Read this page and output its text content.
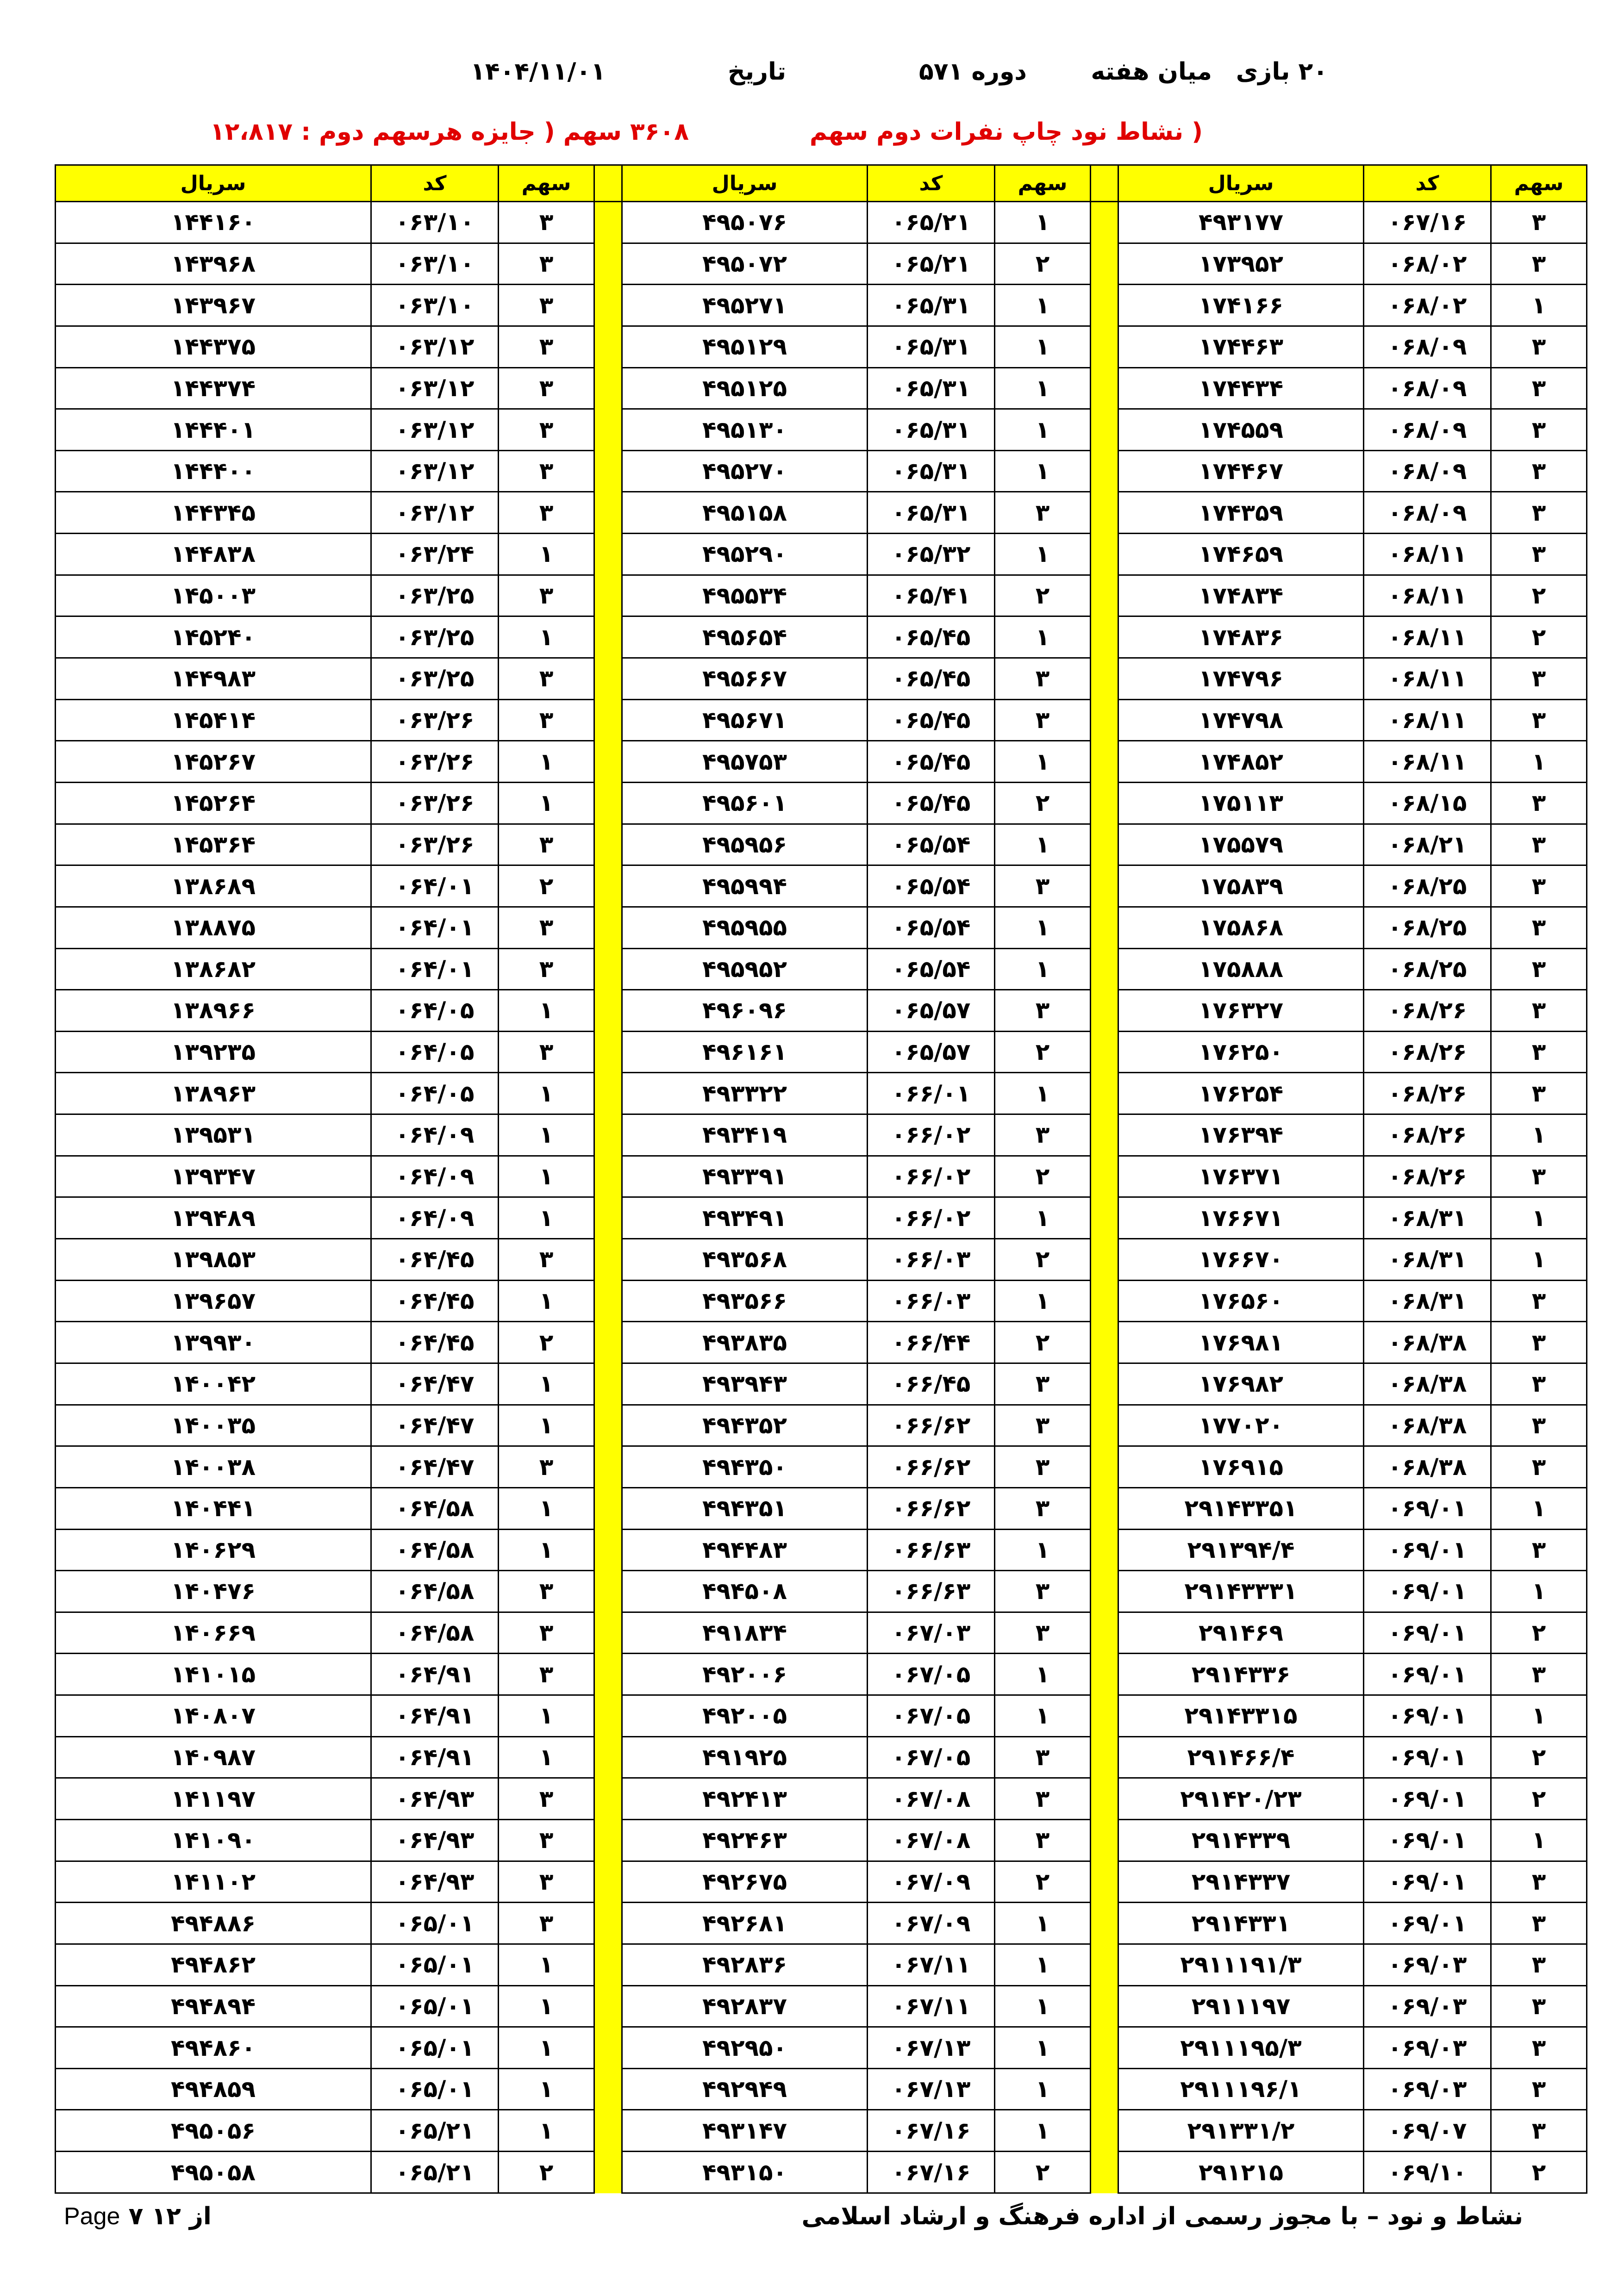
۲۰ بازی
میان هفته
دوره ۵۷۱
تاریخ
۱۴۰۴/۱۱/۰۱
( نشاط نود چاپ نفرات دوم سهم
۳۶۰۸ سهم ( جایزه هرسهم دوم : ۱۲،۸۱۷
سهم	کد	سریال		سهم	کد	سریال		سهم	کد	سریال
۳	۰۶۷/۱۶	۴۹۳۱۷۷		۱	۰۶۵/۲۱	۴۹۵۰۷۶		۳	۰۶۳/۱۰	۱۴۴۱۶۰
۳	۰۶۸/۰۲	۱۷۳۹۵۲		۲	۰۶۵/۲۱	۴۹۵۰۷۲		۳	۰۶۳/۱۰	۱۴۳۹۶۸
۱	۰۶۸/۰۲	۱۷۴۱۶۶		۱	۰۶۵/۳۱	۴۹۵۲۷۱		۳	۰۶۳/۱۰	۱۴۳۹۶۷
۳	۰۶۸/۰۹	۱۷۴۴۶۳		۱	۰۶۵/۳۱	۴۹۵۱۲۹		۳	۰۶۳/۱۲	۱۴۴۳۷۵
۳	۰۶۸/۰۹	۱۷۴۴۳۴		۱	۰۶۵/۳۱	۴۹۵۱۲۵		۳	۰۶۳/۱۲	۱۴۴۳۷۴
۳	۰۶۸/۰۹	۱۷۴۵۵۹		۱	۰۶۵/۳۱	۴۹۵۱۳۰		۳	۰۶۳/۱۲	۱۴۴۴۰۱
۳	۰۶۸/۰۹	۱۷۴۴۶۷		۱	۰۶۵/۳۱	۴۹۵۲۷۰		۳	۰۶۳/۱۲	۱۴۴۴۰۰
۳	۰۶۸/۰۹	۱۷۴۳۵۹		۳	۰۶۵/۳۱	۴۹۵۱۵۸		۳	۰۶۳/۱۲	۱۴۴۳۴۵
۳	۰۶۸/۱۱	۱۷۴۶۵۹		۱	۰۶۵/۳۲	۴۹۵۲۹۰		۱	۰۶۳/۲۴	۱۴۴۸۳۸
۲	۰۶۸/۱۱	۱۷۴۸۳۴		۲	۰۶۵/۴۱	۴۹۵۵۳۴		۳	۰۶۳/۲۵	۱۴۵۰۰۳
۲	۰۶۸/۱۱	۱۷۴۸۳۶		۱	۰۶۵/۴۵	۴۹۵۶۵۴		۱	۰۶۳/۲۵	۱۴۵۲۴۰
۳	۰۶۸/۱۱	۱۷۴۷۹۶		۳	۰۶۵/۴۵	۴۹۵۶۶۷		۳	۰۶۳/۲۵	۱۴۴۹۸۳
۳	۰۶۸/۱۱	۱۷۴۷۹۸		۳	۰۶۵/۴۵	۴۹۵۶۷۱		۳	۰۶۳/۲۶	۱۴۵۴۱۴
۱	۰۶۸/۱۱	۱۷۴۸۵۲		۱	۰۶۵/۴۵	۴۹۵۷۵۳		۱	۰۶۳/۲۶	۱۴۵۲۶۷
۳	۰۶۸/۱۵	۱۷۵۱۱۳		۲	۰۶۵/۴۵	۴۹۵۶۰۱		۱	۰۶۳/۲۶	۱۴۵۲۶۴
۳	۰۶۸/۲۱	۱۷۵۵۷۹		۱	۰۶۵/۵۴	۴۹۵۹۵۶		۳	۰۶۳/۲۶	۱۴۵۳۶۴
۳	۰۶۸/۲۵	۱۷۵۸۳۹		۳	۰۶۵/۵۴	۴۹۵۹۹۴		۲	۰۶۴/۰۱	۱۳۸۶۸۹
۳	۰۶۸/۲۵	۱۷۵۸۶۸		۱	۰۶۵/۵۴	۴۹۵۹۵۵		۳	۰۶۴/۰۱	۱۳۸۸۷۵
۳	۰۶۸/۲۵	۱۷۵۸۸۸		۱	۰۶۵/۵۴	۴۹۵۹۵۲		۳	۰۶۴/۰۱	۱۳۸۶۸۲
۳	۰۶۸/۲۶	۱۷۶۳۲۷		۳	۰۶۵/۵۷	۴۹۶۰۹۶		۱	۰۶۴/۰۵	۱۳۸۹۶۶
۳	۰۶۸/۲۶	۱۷۶۲۵۰		۲	۰۶۵/۵۷	۴۹۶۱۶۱		۳	۰۶۴/۰۵	۱۳۹۲۳۵
۳	۰۶۸/۲۶	۱۷۶۲۵۴		۱	۰۶۶/۰۱	۴۹۳۳۲۲		۱	۰۶۴/۰۵	۱۳۸۹۶۳
۱	۰۶۸/۲۶	۱۷۶۳۹۴		۳	۰۶۶/۰۲	۴۹۳۴۱۹		۱	۰۶۴/۰۹	۱۳۹۵۳۱
۳	۰۶۸/۲۶	۱۷۶۳۷۱		۲	۰۶۶/۰۲	۴۹۳۳۹۱		۱	۰۶۴/۰۹	۱۳۹۳۴۷
۱	۰۶۸/۳۱	۱۷۶۶۷۱		۱	۰۶۶/۰۲	۴۹۳۴۹۱		۱	۰۶۴/۰۹	۱۳۹۴۸۹
۱	۰۶۸/۳۱	۱۷۶۶۷۰		۲	۰۶۶/۰۳	۴۹۳۵۶۸		۳	۰۶۴/۴۵	۱۳۹۸۵۳
۳	۰۶۸/۳۱	۱۷۶۵۶۰		۱	۰۶۶/۰۳	۴۹۳۵۶۶		۱	۰۶۴/۴۵	۱۳۹۶۵۷
۳	۰۶۸/۳۸	۱۷۶۹۸۱		۲	۰۶۶/۴۴	۴۹۳۸۳۵		۲	۰۶۴/۴۵	۱۳۹۹۳۰
۳	۰۶۸/۳۸	۱۷۶۹۸۲		۳	۰۶۶/۴۵	۴۹۳۹۴۳		۱	۰۶۴/۴۷	۱۴۰۰۴۲
۳	۰۶۸/۳۸	۱۷۷۰۲۰		۳	۰۶۶/۶۲	۴۹۴۳۵۲		۱	۰۶۴/۴۷	۱۴۰۰۳۵
۳	۰۶۸/۳۸	۱۷۶۹۱۵		۳	۰۶۶/۶۲	۴۹۴۳۵۰		۳	۰۶۴/۴۷	۱۴۰۰۳۸
۱	۰۶۹/۰۱	۲۹۱۴۳۳۵۱		۳	۰۶۶/۶۲	۴۹۴۳۵۱		۱	۰۶۴/۵۸	۱۴۰۴۴۱
۳	۰۶۹/۰۱	۲۹۱۳۹۴/۴		۱	۰۶۶/۶۳	۴۹۴۴۸۳		۱	۰۶۴/۵۸	۱۴۰۶۲۹
۱	۰۶۹/۰۱	۲۹۱۴۳۳۳۱		۳	۰۶۶/۶۳	۴۹۴۵۰۸		۳	۰۶۴/۵۸	۱۴۰۴۷۶
۲	۰۶۹/۰۱	۲۹۱۴۶۹		۳	۰۶۷/۰۳	۴۹۱۸۳۴		۳	۰۶۴/۵۸	۱۴۰۶۶۹
۳	۰۶۹/۰۱	۲۹۱۴۳۳۶		۱	۰۶۷/۰۵	۴۹۲۰۰۶		۳	۰۶۴/۹۱	۱۴۱۰۱۵
۱	۰۶۹/۰۱	۲۹۱۴۳۳۱۵		۱	۰۶۷/۰۵	۴۹۲۰۰۵		۱	۰۶۴/۹۱	۱۴۰۸۰۷
۲	۰۶۹/۰۱	۲۹۱۴۶۶/۴		۳	۰۶۷/۰۵	۴۹۱۹۲۵		۱	۰۶۴/۹۱	۱۴۰۹۸۷
۲	۰۶۹/۰۱	۲۹۱۴۲۰/۲۳		۳	۰۶۷/۰۸	۴۹۲۴۱۳		۳	۰۶۴/۹۳	۱۴۱۱۹۷
۱	۰۶۹/۰۱	۲۹۱۴۳۳۹		۳	۰۶۷/۰۸	۴۹۲۴۶۳		۳	۰۶۴/۹۳	۱۴۱۰۹۰
۳	۰۶۹/۰۱	۲۹۱۴۳۳۷		۲	۰۶۷/۰۹	۴۹۲۶۷۵		۳	۰۶۴/۹۳	۱۴۱۱۰۲
۳	۰۶۹/۰۱	۲۹۱۴۳۳۱		۱	۰۶۷/۰۹	۴۹۲۶۸۱		۳	۰۶۵/۰۱	۴۹۴۸۸۶
۳	۰۶۹/۰۳	۲۹۱۱۱۹۱/۳		۱	۰۶۷/۱۱	۴۹۲۸۳۶		۱	۰۶۵/۰۱	۴۹۴۸۶۲
۳	۰۶۹/۰۳	۲۹۱۱۱۹۷		۱	۰۶۷/۱۱	۴۹۲۸۳۷		۱	۰۶۵/۰۱	۴۹۴۸۹۴
۳	۰۶۹/۰۳	۲۹۱۱۱۹۵/۳		۱	۰۶۷/۱۳	۴۹۲۹۵۰		۱	۰۶۵/۰۱	۴۹۴۸۶۰
۳	۰۶۹/۰۳	۲۹۱۱۱۹۶/۱		۱	۰۶۷/۱۳	۴۹۲۹۴۹		۱	۰۶۵/۰۱	۴۹۴۸۵۹
۳	۰۶۹/۰۷	۲۹۱۳۳۱/۲		۱	۰۶۷/۱۶	۴۹۳۱۴۷		۱	۰۶۵/۲۱	۴۹۵۰۵۶
۲	۰۶۹/۱۰	۲۹۱۲۱۵		۲	۰۶۷/۱۶	۴۹۳۱۵۰		۲	۰۶۵/۲۱	۴۹۵۰۵۸
نشاط و نود – با مجوز رسمی از اداره فرهنگ و ارشاد اسلامی
Page ۷ از ۱۲
